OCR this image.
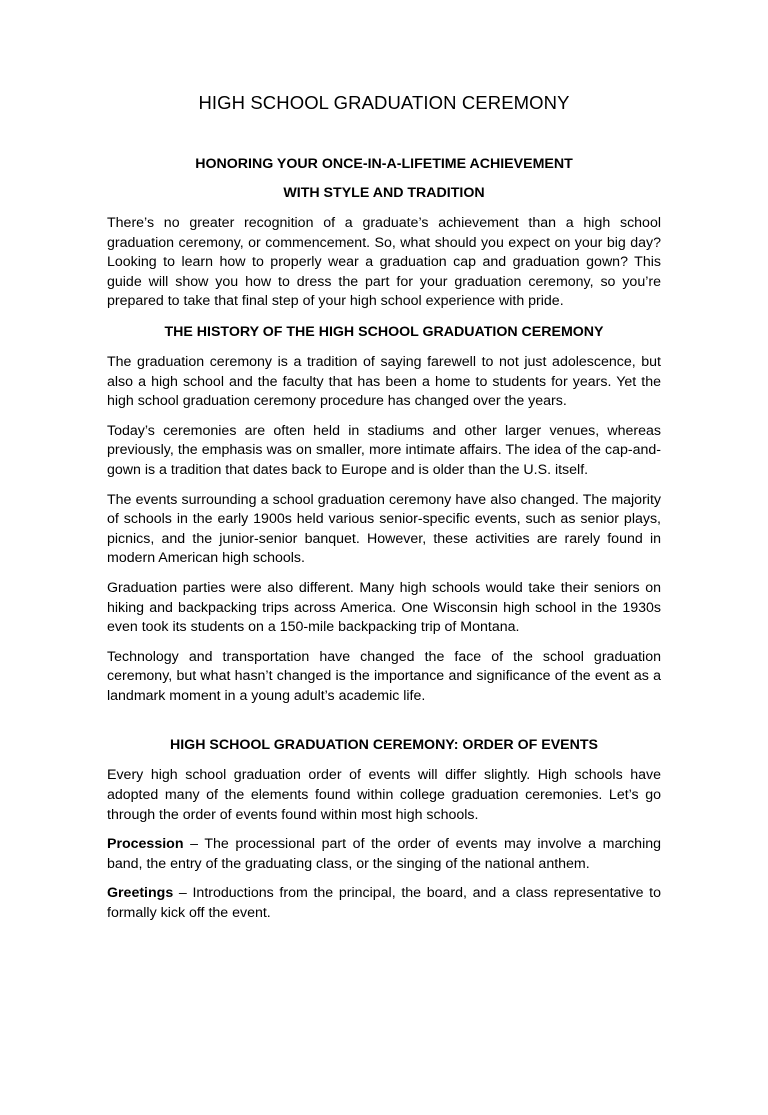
HIGH SCHOOL GRADUATION CEREMONY
HONORING YOUR ONCE-IN-A-LIFETIME ACHIEVEMENT
WITH STYLE AND TRADITION

There’s no greater recognition of a graduate’s achievement than a high school graduation ceremony, or commencement. So, what should you expect on your big day? Looking to learn how to properly wear a graduation cap and graduation gown? This guide will show you how to dress the part for your graduation ceremony, so you’re prepared to take that final step of your high school experience with pride.

THE HISTORY OF THE HIGH SCHOOL GRADUATION CEREMONY

The graduation ceremony is a tradition of saying farewell to not just adolescence, but also a high school and the faculty that has been a home to students for years. Yet the high school graduation ceremony procedure has changed over the years.

Today’s ceremonies are often held in stadiums and other larger venues, whereas previously, the emphasis was on smaller, more intimate affairs. The idea of the cap-and-gown is a tradition that dates back to Europe and is older than the U.S. itself.

The events surrounding a school graduation ceremony have also changed. The majority of schools in the early 1900s held various senior-specific events, such as senior plays, picnics, and the junior-senior banquet. However, these activities are rarely found in modern American high schools.

Graduation parties were also different. Many high schools would take their seniors on hiking and backpacking trips across America. One Wisconsin high school in the 1930s even took its students on a 150-mile backpacking trip of Montana.

Technology and transportation have changed the face of the school graduation ceremony, but what hasn’t changed is the importance and significance of the event as a landmark moment in a young adult’s academic life.

HIGH SCHOOL GRADUATION CEREMONY: ORDER OF EVENTS

Every high school graduation order of events will differ slightly. High schools have adopted many of the elements found within college graduation ceremonies. Let’s go through the order of events found within most high schools.

Procession – The processional part of the order of events may involve a marching band, the entry of the graduating class, or the singing of the national anthem.

Greetings – Introductions from the principal, the board, and a class representative to formally kick off the event.
